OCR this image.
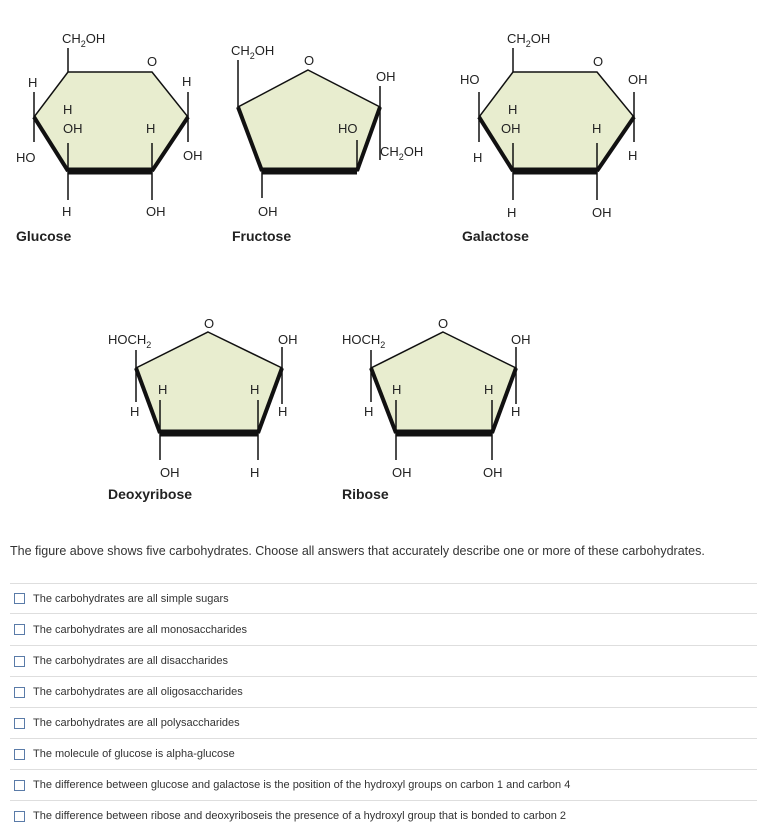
$CH_2OH$
O
H
H
H
OH	H
HO	OH
H	OH
Glucose
$CH_2OH$
O
OH
HO
$CH_2OH$
OH
Fructose
$CH_2OH$
O
HO	OH
H
OH	H
H	H
H	OH
Galactose
$HOCH_2$
O
OH
H	H
H	H
OH	H
Deoxyribose
$HOCH_2$
O
OH
H	H
H	H
OH	OH
Ribose
The figure above shows five carbohydrates. Choose all answers that accurately describe one or more of these carbohydrates.
The carbohydrates are all simple sugars
The carbohydrates are all monosaccharides
The carbohydrates are all disaccharides
The carbohydrates are all oligosaccharides
The carbohydrates are all polysaccharides
The molecule of glucose is alpha-glucose
The difference between glucose and galactose is the position of the hydroxyl groups on carbon 1 and carbon 4
The difference between ribose and deoxyriboseis the presence of a hydroxyl group that is bonded to carbon 2
